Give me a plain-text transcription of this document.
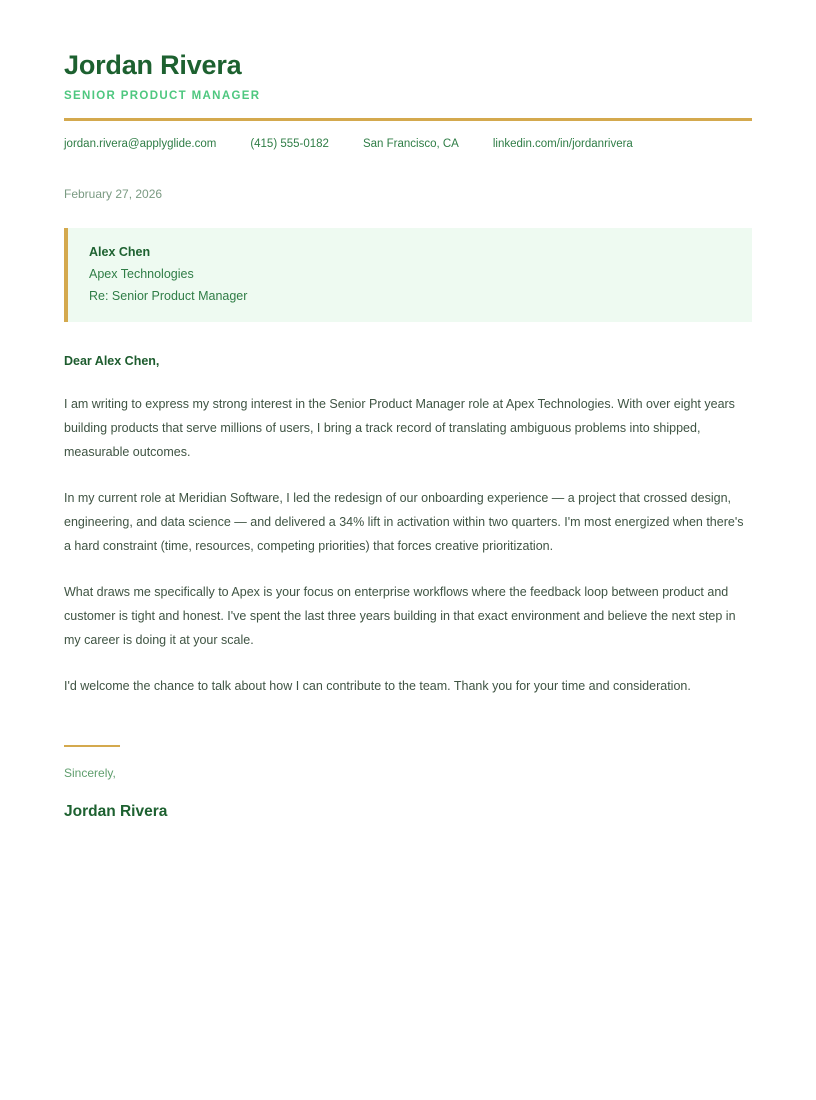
Jordan Rivera
SENIOR PRODUCT MANAGER
jordan.rivera@applyglide.com	(415) 555-0182	San Francisco, CA	linkedin.com/in/jordanrivera
February 27, 2026
Alex Chen
Apex Technologies
Re: Senior Product Manager
Dear Alex Chen,

I am writing to express my strong interest in the Senior Product Manager role at Apex Technologies. With over eight years building products that serve millions of users, I bring a track record of translating ambiguous problems into shipped, measurable outcomes.

In my current role at Meridian Software, I led the redesign of our onboarding experience — a project that crossed design, engineering, and data science — and delivered a 34% lift in activation within two quarters. I'm most energized when there's a hard constraint (time, resources, competing priorities) that forces creative prioritization.

What draws me specifically to Apex is your focus on enterprise workflows where the feedback loop between product and customer is tight and honest. I've spent the last three years building in that exact environment and believe the next step in my career is doing it at your scale.

I'd welcome the chance to talk about how I can contribute to the team. Thank you for your time and consideration.

Sincerely,
Jordan Rivera
